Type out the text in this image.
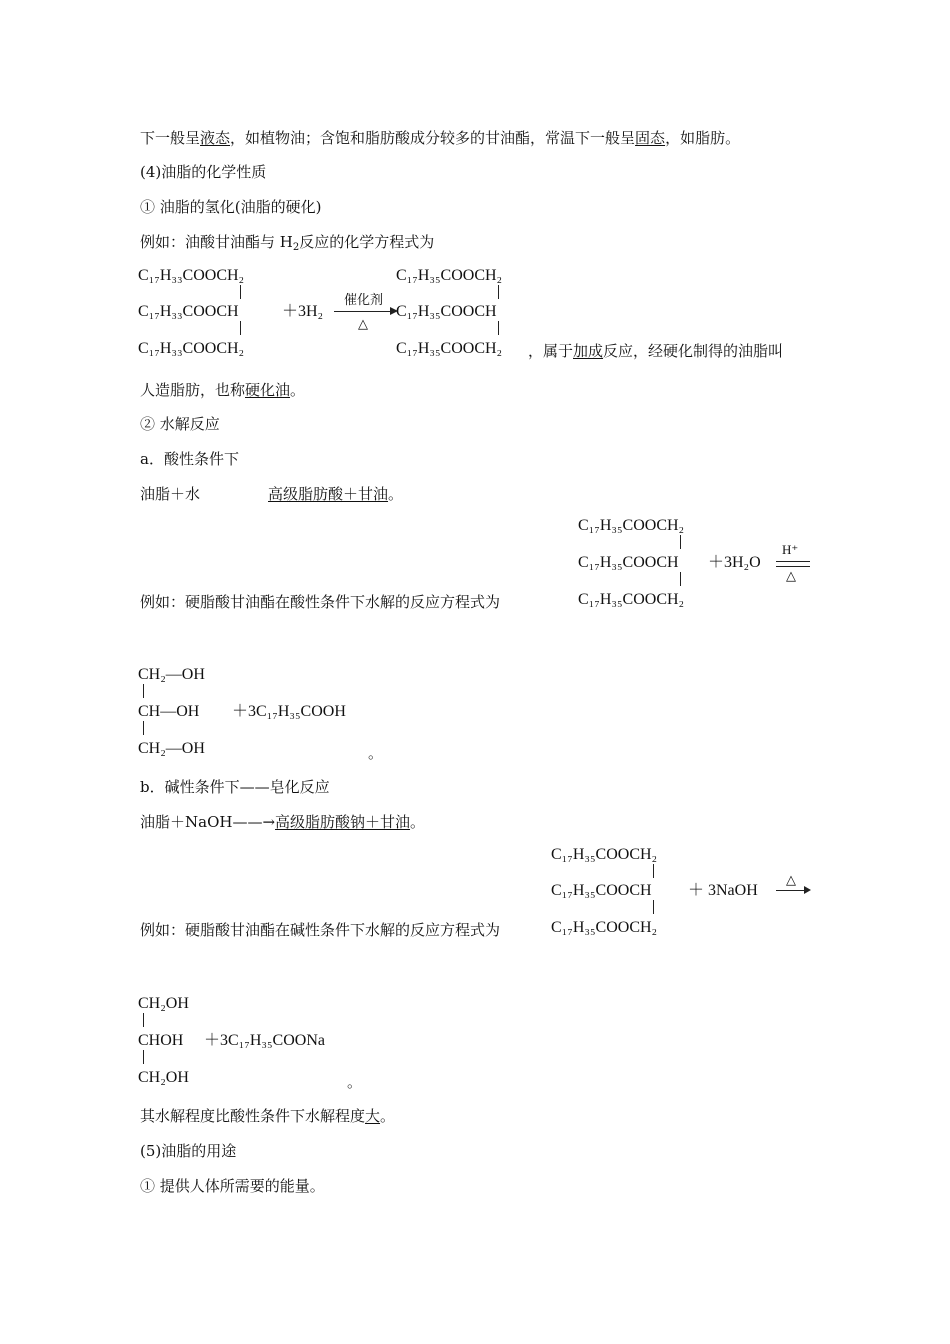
下一般呈液态，如植物油；含饱和脂肪酸成分较多的甘油酯，常温下一般呈固态，如脂肪。
(4)油脂的化学性质
① 油脂的氢化(油脂的硬化)
例如：油酸甘油酯与 $H_2$反应的化学方程式为
C₁₇H₃₃COOCH₂
C₁₇H₃₃COOCH
C₁₇H₃₃COOCH₂
＋3H₂
催化剂
△
C₁₇H₃₅COOCH₂
C₁₇H₃₅COOCH
C₁₇H₃₅COOCH₂ ，属于加成反应，经硬化制得的油脂叫
人造脂肪，也称硬化油。
② 水解反应
a．酸性条件下
油脂＋水	高级脂肪酸＋甘油。
C₁₇H₃₅COOCH₂
C₁₇H₃₅COOCH
例如：硬脂酸甘油酯在酸性条件下水解的反应方程式为	C₁₇H₃₅COOCH₂
＋3H₂O
H⁺
△
CH₂—OH
CH—OH
CH₂—OH
＋3C₁₇H₃₅COOH
。
b．碱性条件下——皂化反应
油脂＋NaOH——→高级脂肪酸钠＋甘油。
C₁₇H₃₅COOCH₂
C₁₇H₃₅COOCH
例如：硬脂酸甘油酯在碱性条件下水解的反应方程式为	C₁₇H₃₅COOCH₂
＋ 3NaOH
△
CH₂OH
CHOH
CH₂OH
＋3C₁₇H₃₅COONa
。
其水解程度比酸性条件下水解程度大。
(5)油脂的用途
① 提供人体所需要的能量。
